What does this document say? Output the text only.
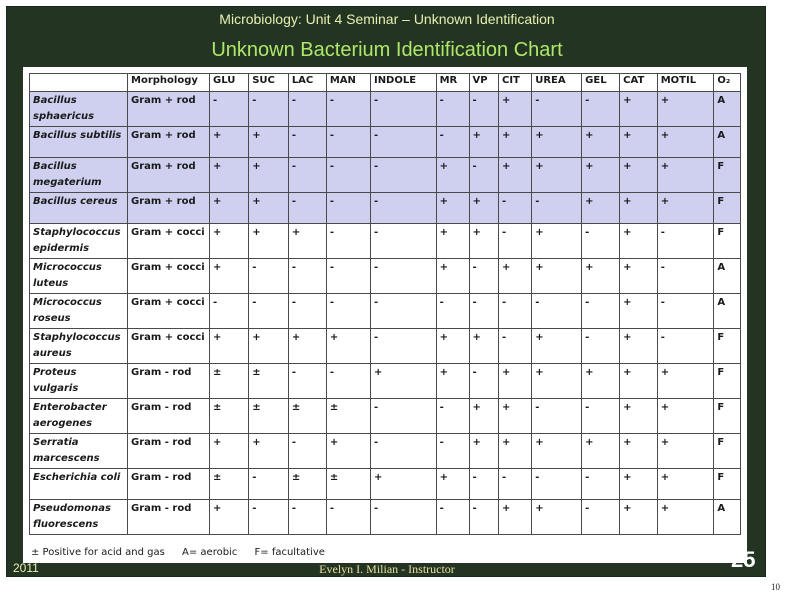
Microbiology: Unit 4 Seminar – Unknown Identification
Unknown Bacterium Identification Chart
	Morphology	GLU	SUC	LAC	MAN	INDOLE	MR	VP	CIT	UREA	GEL	CAT	MOTIL	O₂
Bacillus sphaericus	Gram + rod	-	-	-	-	-	-	-	+	-	-	+	+	A
Bacillus subtilis	Gram + rod	+	+	-	-	-	-	+	+	+	+	+	+	A
Bacillus megaterium	Gram + rod	+	+	-	-	-	+	-	+	+	+	+	+	F
Bacillus cereus	Gram + rod	+	+	-	-	-	+	+	-	-	+	+	+	F
Staphylococcus epidermis	Gram + cocci	+	+	+	-	-	+	+	-	+	-	+	-	F
Micrococcus luteus	Gram + cocci	+	-	-	-	-	+	-	+	+	+	+	-	A
Micrococcus roseus	Gram + cocci	-	-	-	-	-	-	-	-	-	-	+	-	A
Staphylococcus aureus	Gram + cocci	+	+	+	+	-	+	+	-	+	-	+	-	F
Proteus vulgaris	Gram - rod	±	±	-	-	+	+	-	+	+	+	+	+	F
Enterobacter aerogenes	Gram - rod	±	±	±	±	-	-	+	+	-	-	+	+	F
Serratia marcescens	Gram - rod	+	+	-	+	-	-	+	+	+	+	+	+	F
Escherichia coli	Gram - rod	±	-	±	±	+	+	-	-	-	-	+	+	F
Pseudomonas fluorescens	Gram - rod	+	-	-	-	-	-	-	+	+	-	+	+	A
± Positive for acid and gas A= aerobic F= facultative
2011	Evelyn I. Milian - Instructor	25
10
